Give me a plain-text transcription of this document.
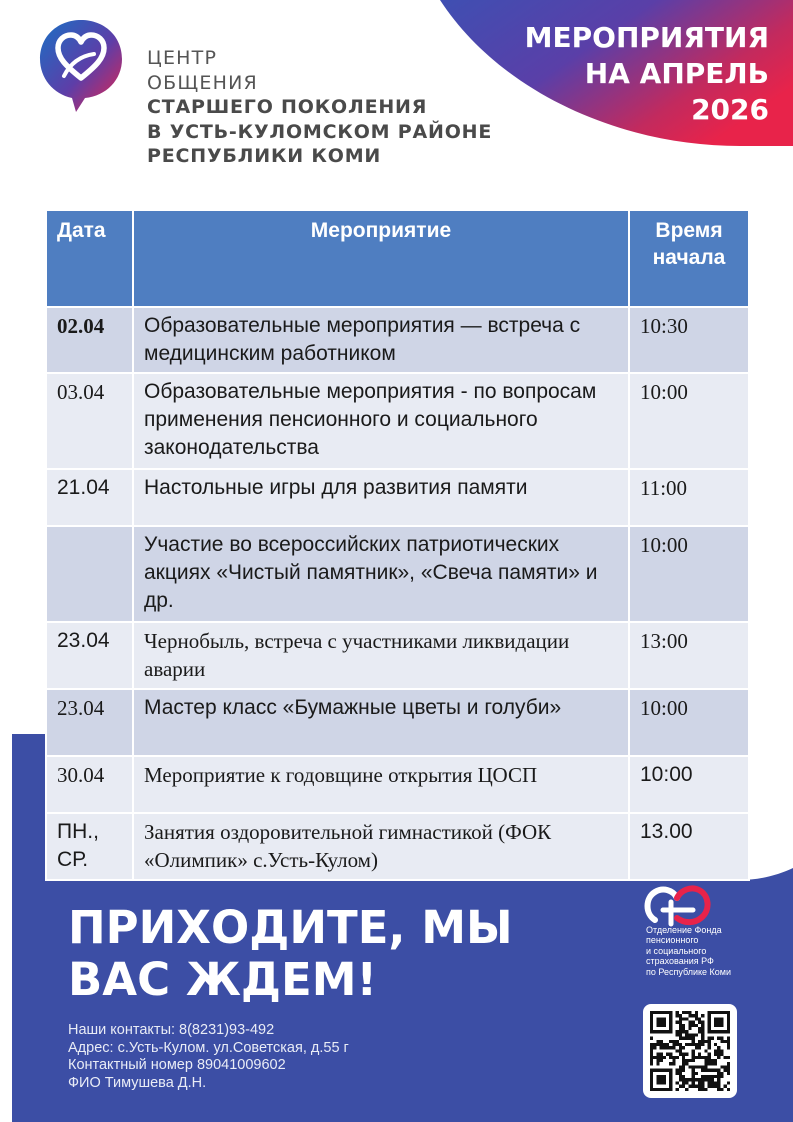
ЦЕНТР
ОБЩЕНИЯ
СТАРШЕГО ПОКОЛЕНИЯ
В УСТЬ-КУЛОМСКОМ РАЙОНЕ
РЕСПУБЛИКИ КОМИ
МЕРОПРИЯТИЯ
НА АПРЕЛЬ
2026
Дата	Мероприятие	Время
начала
02.04	Образовательные мероприятия — встреча с медицинским работником	10:30
03.04	Образовательные мероприятия - по вопросам применения пенсионного и социального законодательства	10:00
21.04	Настольные игры для развития памяти	11:00
	Участие во всероссийских патриотических акциях «Чистый памятник», «Свеча памяти» и др.	10:00
23.04	Чернобыль, встреча с участниками ликвидации аварии	13:00
23.04	Мастер класс «Бумажные цветы и голуби»	10:00
30.04	Мероприятие к годовщине открытия ЦОСП	10:00
ПН., СР.	Занятия оздоровительной гимнастикой (ФОК «Олимпик» с.Усть-Кулом)	13.00
ПРИХОДИТЕ, МЫ
ВАС ЖДЕМ!
Наши контакты: 8(8231)93-492
Адрес: с.Усть-Кулом. ул.Советская, д.55 г
Контактный номер 89041009602
ФИО Тимушева Д.Н.
Отделение Фонда
пенсионного
и социального
страхования РФ
по Республике Коми
